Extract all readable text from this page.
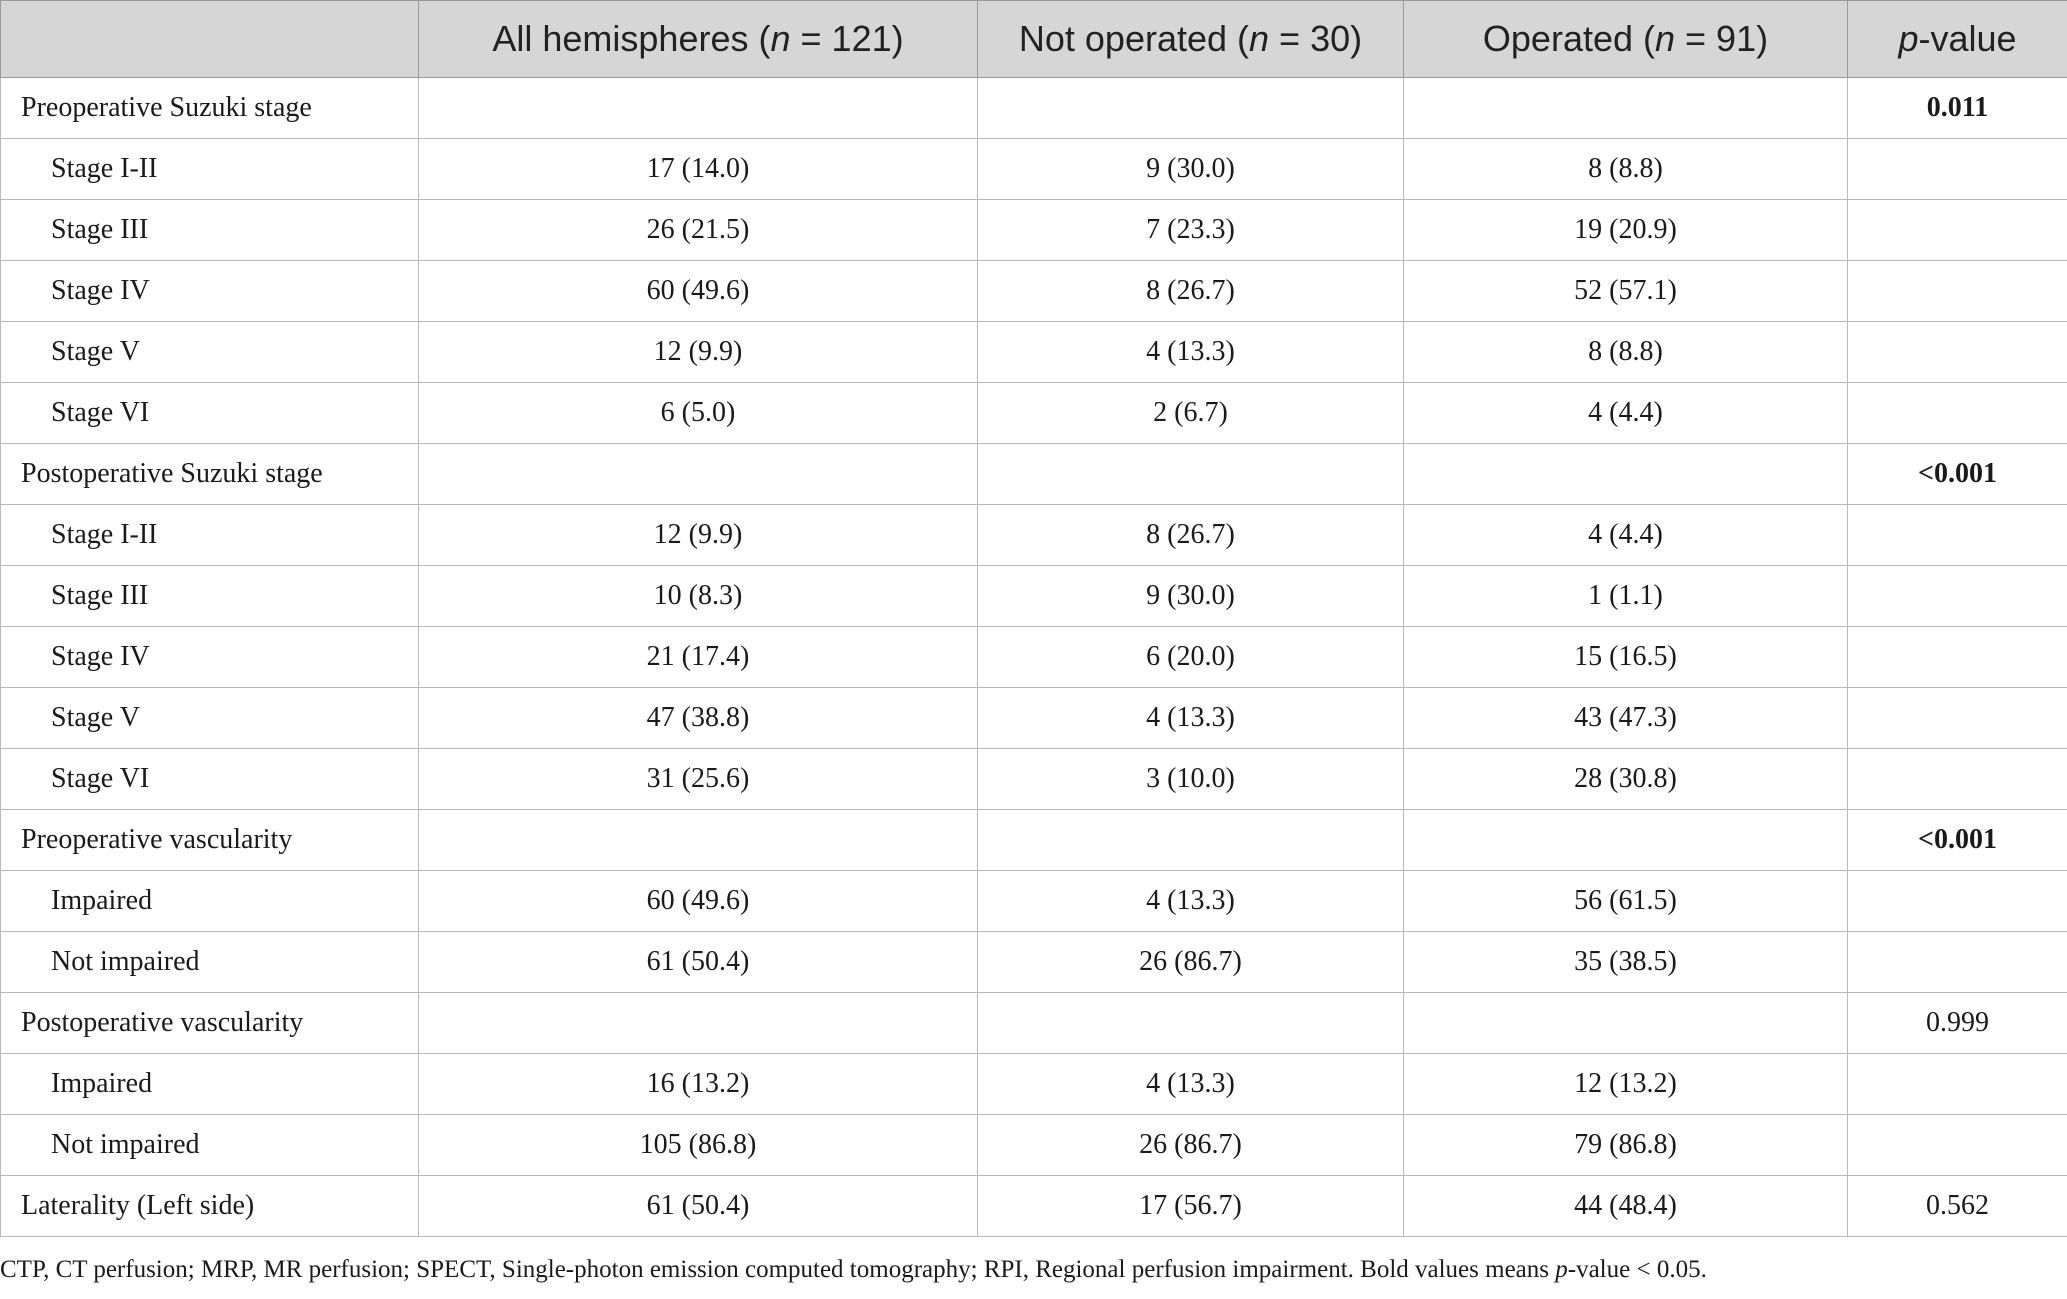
	All hemispheres (n = 121)	Not operated (n = 30)	Operated (n = 91)	p-value
Preoperative Suzuki stage				0.011
Stage I-II	17 (14.0)	9 (30.0)	8 (8.8)	
Stage III	26 (21.5)	7 (23.3)	19 (20.9)	
Stage IV	60 (49.6)	8 (26.7)	52 (57.1)	
Stage V	12 (9.9)	4 (13.3)	8 (8.8)	
Stage VI	6 (5.0)	2 (6.7)	4 (4.4)	
Postoperative Suzuki stage				<0.001
Stage I-II	12 (9.9)	8 (26.7)	4 (4.4)	
Stage III	10 (8.3)	9 (30.0)	1 (1.1)	
Stage IV	21 (17.4)	6 (20.0)	15 (16.5)	
Stage V	47 (38.8)	4 (13.3)	43 (47.3)	
Stage VI	31 (25.6)	3 (10.0)	28 (30.8)	
Preoperative vascularity				<0.001
Impaired	60 (49.6)	4 (13.3)	56 (61.5)	
Not impaired	61 (50.4)	26 (86.7)	35 (38.5)	
Postoperative vascularity				0.999
Impaired	16 (13.2)	4 (13.3)	12 (13.2)	
Not impaired	105 (86.8)	26 (86.7)	79 (86.8)	
Laterality (Left side)	61 (50.4)	17 (56.7)	44 (48.4)	0.562
CTP, CT perfusion; MRP, MR perfusion; SPECT, Single-photon emission computed tomography; RPI, Regional perfusion impairment. Bold values means p-value < 0.05.
